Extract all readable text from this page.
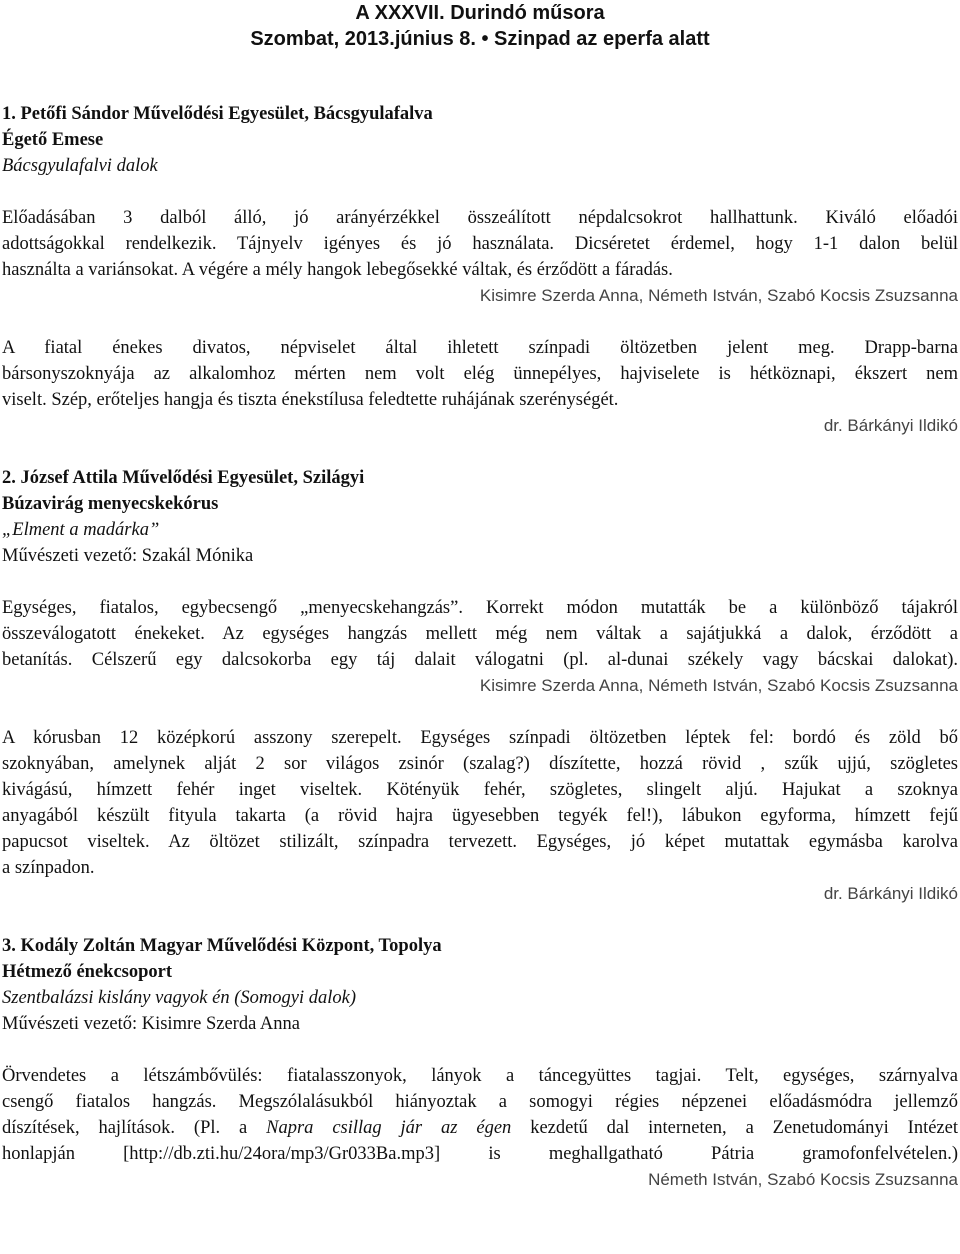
A XXXVII. Durindó műsora
Szombat, 2013.június 8. • Szinpad az eperfa alatt
1. Petőfi Sándor Művelődési Egyesület, Bácsgyulafalva
Égető Emese
Bácsgyulafalvi dalok
Előadásában 3 dalból álló, jó arányérzékkel összeálított népdalcsokrot hallhattunk. Kiváló előadói
adottságokkal rendelkezik. Tájnyelv igényes és jó használata. Dicséretet érdemel, hogy 1-1 dalon belül
használta a variánsokat. A végére a mély hangok lebegősekké váltak, és érződött a fáradás.
Kisimre Szerda Anna, Németh István, Szabó Kocsis Zsuzsanna
A fiatal énekes divatos, népviselet által ihletett színpadi öltözetben jelent meg. Drapp-barna
bársonyszoknyája az alkalomhoz mérten nem volt elég ünnepélyes, hajviselete is hétköznapi, ékszert nem
viselt. Szép, erőteljes hangja és tiszta énekstílusa feledtette ruhájának szerénységét.
dr. Bárkányi Ildikó
2. József Attila Művelődési Egyesület, Szilágyi
Búzavirág menyecskekórus
„Elment a madárka”
Művészeti vezető: Szakál Mónika
Egységes, fiatalos, egybecsengő „menyecskehangzás”. Korrekt módon mutatták be a különböző tájakról
összeválogatott énekeket. Az egységes hangzás mellett még nem váltak a sajátjukká a dalok, érződött a
betanítás. Célszerű egy dalcsokorba egy táj dalait válogatni (pl. al-dunai székely vagy bácskai dalokat).
Kisimre Szerda Anna, Németh István, Szabó Kocsis Zsuzsanna
A kórusban 12 középkorú asszony szerepelt. Egységes színpadi öltözetben léptek fel: bordó és zöld bő
szoknyában, amelynek alját 2 sor világos zsinór (szalag?) díszítette, hozzá rövid , szűk ujjú, szögletes
kivágású, hímzett fehér inget viseltek. Kötényük fehér, szögletes, slingelt aljú. Hajukat a szoknya
anyagából készült fityula takarta (a rövid hajra ügyesebben tegyék fel!), lábukon egyforma, hímzett fejű
papucsot viseltek. Az öltözet stilizált, színpadra tervezett. Egységes, jó képet mutattak egymásba karolva
a színpadon.
dr. Bárkányi Ildikó
3. Kodály Zoltán Magyar Művelődési Központ, Topolya
Hétmező énekcsoport
Szentbalázsi kislány vagyok én (Somogyi dalok)
Művészeti vezető: Kisimre Szerda Anna
Örvendetes a létszámbővülés: fiatalasszonyok, lányok a táncegyüttes tagjai. Telt, egységes, szárnyalva
csengő fiatalos hangzás. Megszólalásukból hiányoztak a somogyi régies népzenei előadásmódra jellemző
díszítések, hajlítások. (Pl. a Napra csillag jár az égen kezdetű dal interneten, a Zenetudományi Intézet
honlapján [http://db.zti.hu/24ora/mp3/Gr033Ba.mp3] is meghallgatható Pátria gramofonfelvételen.)
Németh István, Szabó Kocsis Zsuzsanna
